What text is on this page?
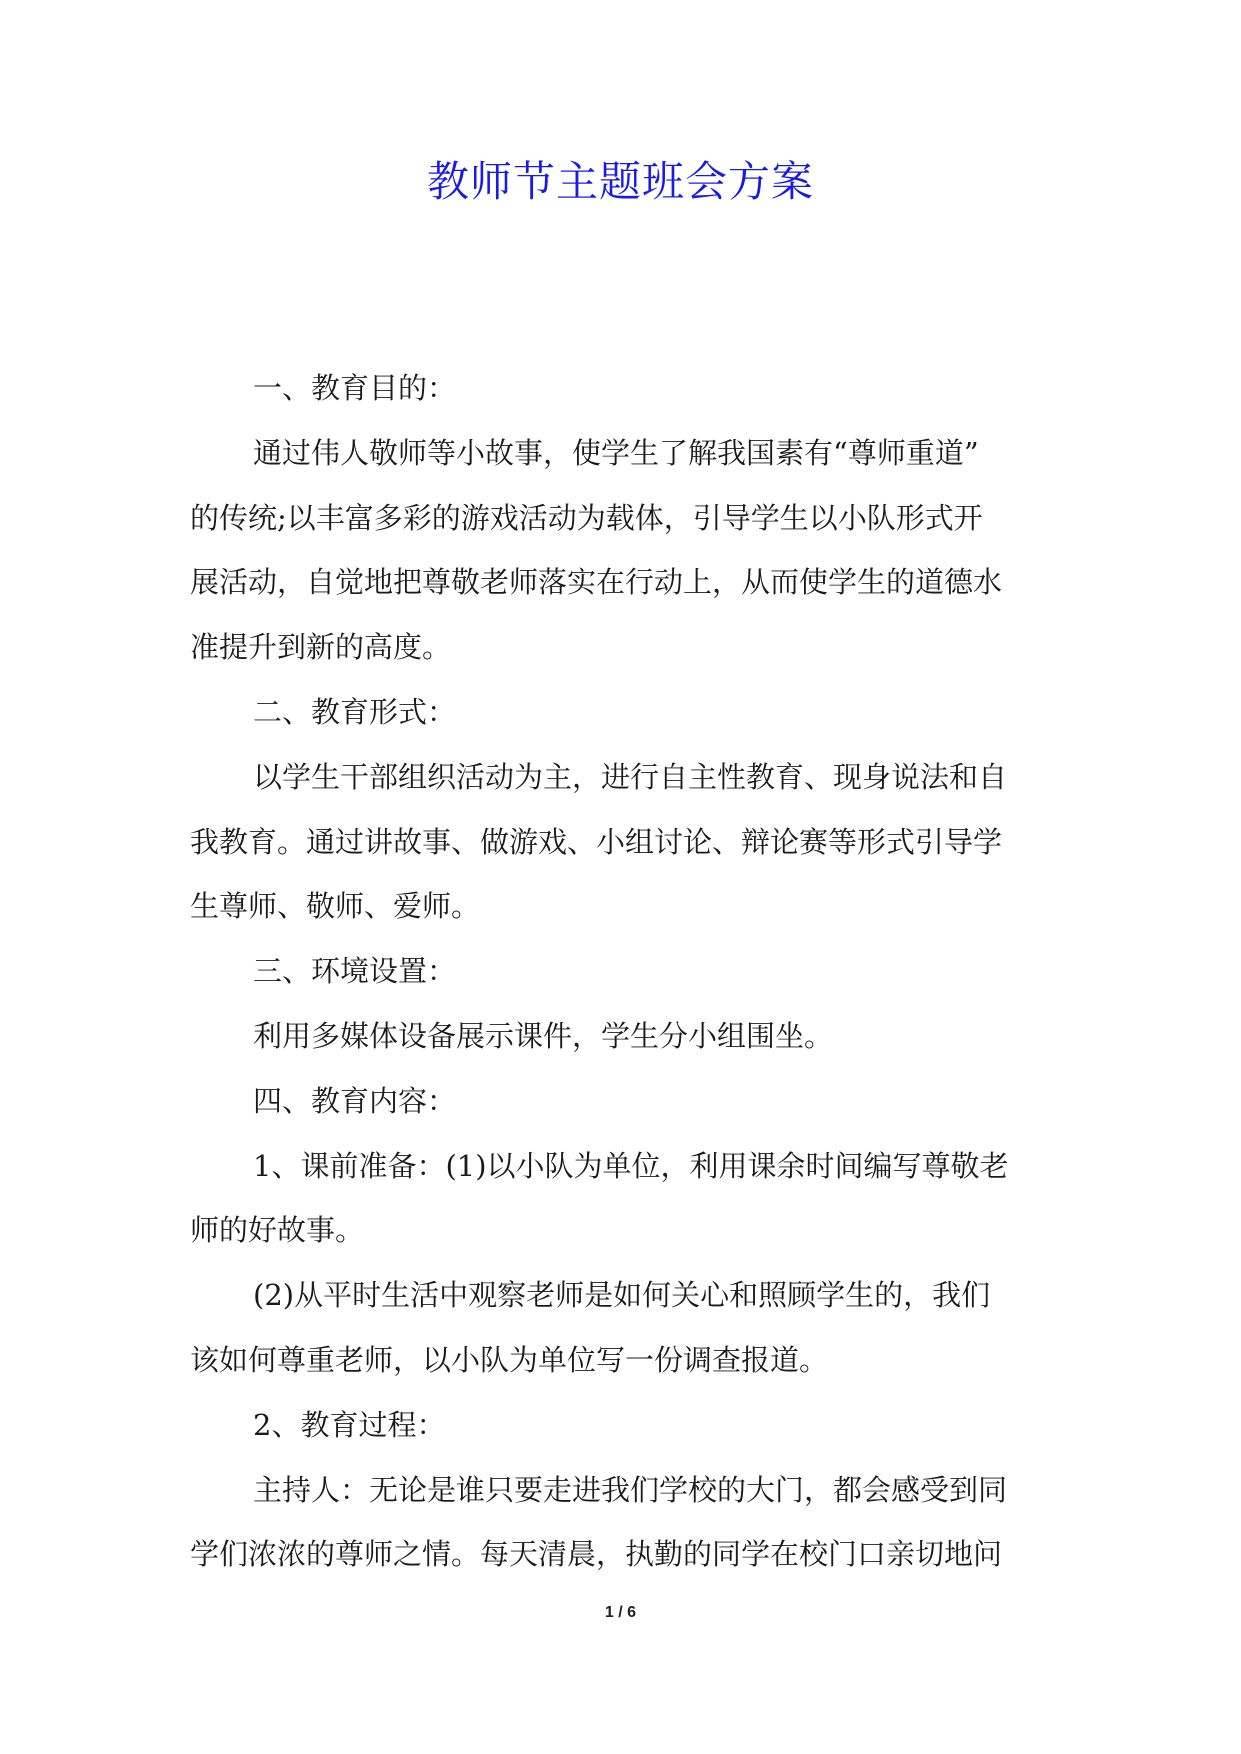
教师节主题班会方案
一、教育目的：
通过伟人敬师等小故事，使学生了解我国素有“尊师重道”
的传统;以丰富多彩的游戏活动为载体，引导学生以小队形式开
展活动，自觉地把尊敬老师落实在行动上，从而使学生的道德水
准提升到新的高度。
二、教育形式：
以学生干部组织活动为主，进行自主性教育、现身说法和自
我教育。通过讲故事、做游戏、小组讨论、辩论赛等形式引导学
生尊师、敬师、爱师。
三、环境设置：
利用多媒体设备展示课件，学生分小组围坐。
四、教育内容：
1、课前准备：(1)以小队为单位，利用课余时间编写尊敬老
师的好故事。
(2)从平时生活中观察老师是如何关心和照顾学生的，我们
该如何尊重老师，以小队为单位写一份调查报道。
2、教育过程：
主持人：无论是谁只要走进我们学校的大门，都会感受到同
学们浓浓的尊师之情。每天清晨，执勤的同学在校门口亲切地问
1 / 6
